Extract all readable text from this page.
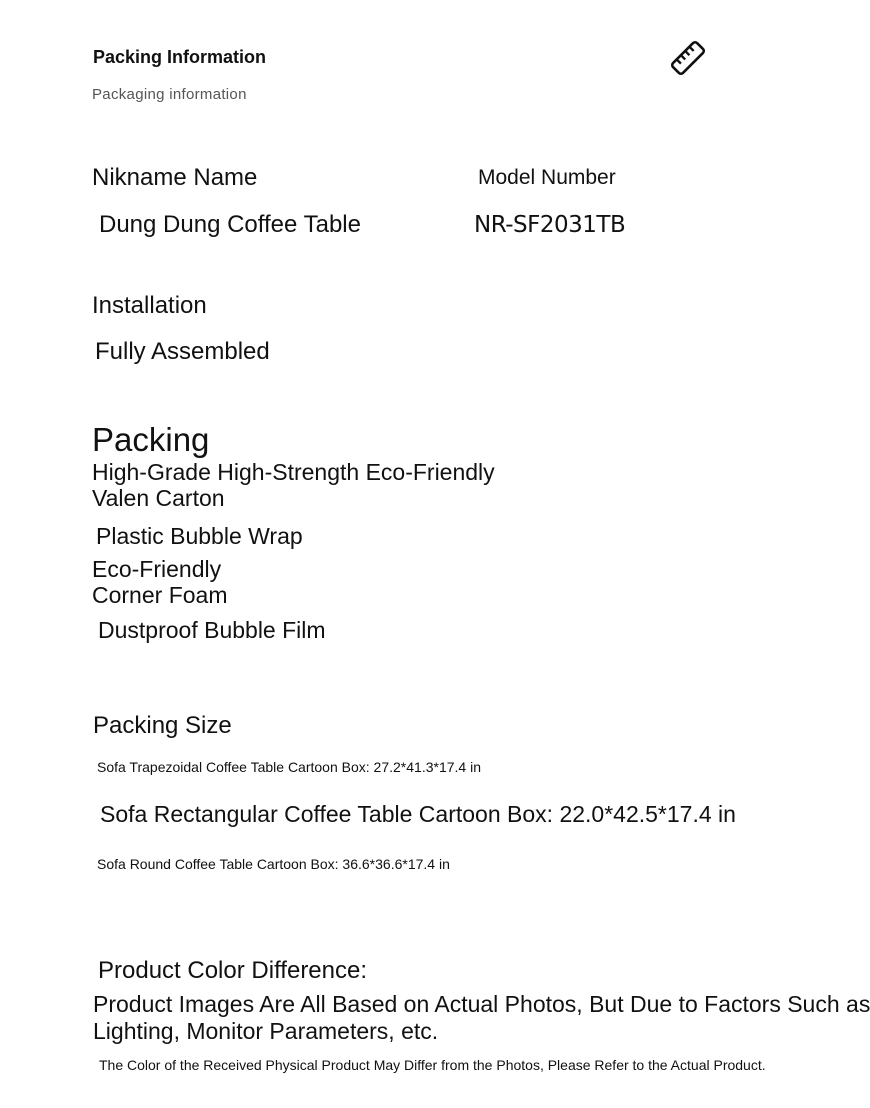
Packing Information
Packaging information
Nikname Name
Dung Dung Coffee Table
Model Number
NR-SF2031TB
Installation
Fully Assembled
Packing
High-Grade High-Strength Eco-Friendly
Valen Carton
Plastic Bubble Wrap
Eco-Friendly
Corner Foam
Dustproof Bubble Film
Packing Size
Sofa Trapezoidal Coffee Table Cartoon Box: 27.2*41.3*17.4 in
Sofa Rectangular Coffee Table Cartoon Box: 22.0*42.5*17.4 in
Sofa Round Coffee Table Cartoon Box: 36.6*36.6*17.4 in
Product Color Difference:
Product Images Are All Based on Actual Photos, But Due to Factors Such as
Lighting, Monitor Parameters, etc.
The Color of the Received Physical Product May Differ from the Photos, Please Refer to the Actual Product.
